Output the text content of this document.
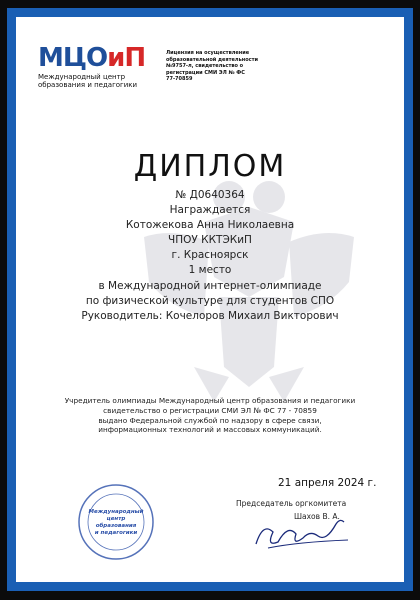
МЦОиП
Международный центр
образования и педагогики
Лицензия на осуществление
образовательной деятельности
№9757-л, свидетельство о
регистрации СМИ ЭЛ № ФС
77-70859
ДИПЛОМ
№ Д0640364
Награждается
Котожекова Анна Николаевна
ЧПОУ ККТЭКиП
г. Красноярск
1 место
в Международной интернет-олимпиаде
по физической культуре для студентов СПО
Руководитель: Кочелоров Михаил Викторович
Учредитель олимпиады Международный центр образования и педагогики
свидетельство о регистрации СМИ ЭЛ № ФС 77 - 70859
выдано Федеральной службой по надзору в сфере связи,
информационных технологий и массовых коммуникаций.
21 апреля 2024 г.
Председатель оргкомитета
Шахов В. А.
Международный
центр
образования
и педагогики
